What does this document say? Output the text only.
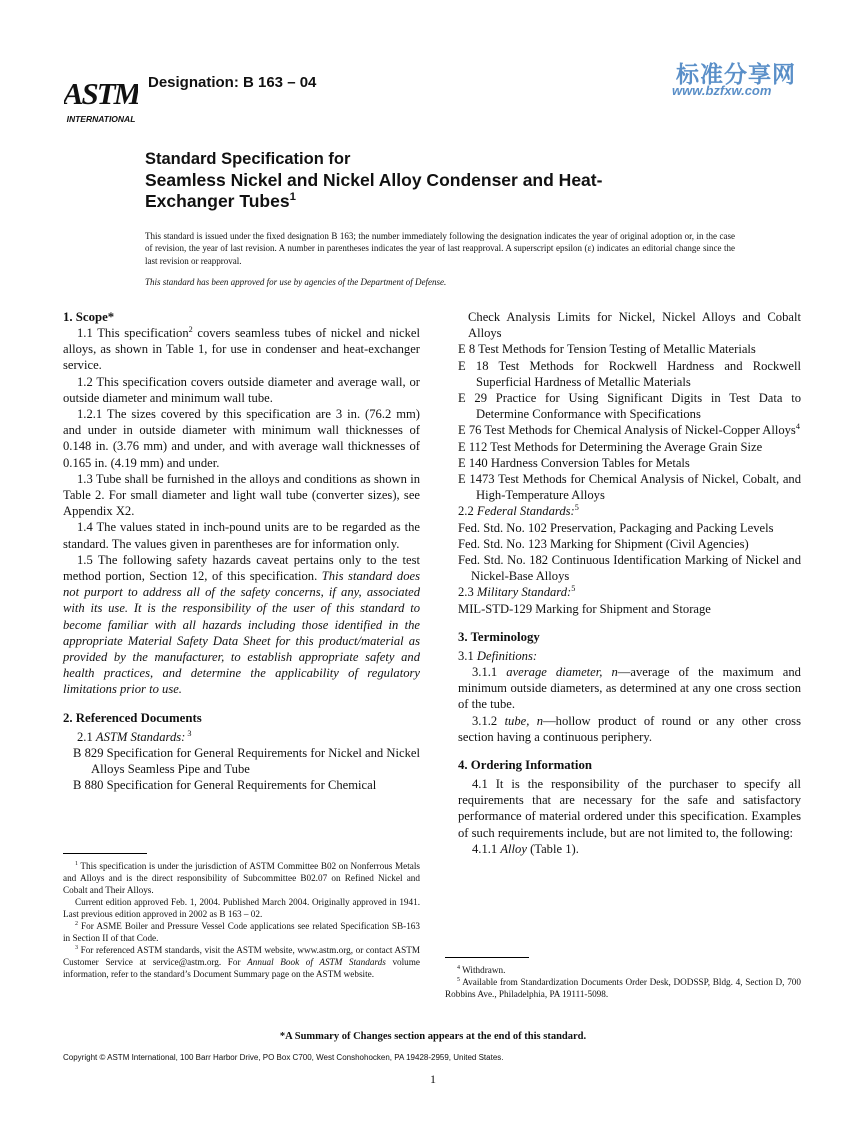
ASTM
INTERNATIONAL
Designation: B 163 – 04	标准分享网
www.bzfxw.com
Standard Specification for
Seamless Nickel and Nickel Alloy Condenser and Heat-
Exchanger Tubes$^1$
This standard is issued under the fixed designation B 163; the number immediately following the designation indicates the year of original adoption or, in the case of revision, the year of last revision. A number in parentheses indicates the year of last reapproval. A superscript epsilon (ε) indicates an editorial change since the last revision or reapproval.
This standard has been approved for use by agencies of the Department of Defense.
1. Scope*

1.1 This specification$^2$ covers seamless tubes of nickel and nickel alloys, as shown in Table 1, for use in condenser and heat-exchanger service.

1.2 This specification covers outside diameter and average wall, or outside diameter and minimum wall tube.

1.2.1 The sizes covered by this specification are 3 in. (76.2 mm) and under in outside diameter with minimum wall thicknesses of 0.148 in. (3.76 mm) and under, and with average wall thicknesses of 0.165 in. (4.19 mm) and under.

1.3 Tube shall be furnished in the alloys and conditions as shown in Table 2. For small diameter and light wall tube (converter sizes), see Appendix X2.

1.4 The values stated in inch-pound units are to be regarded as the standard. The values given in parentheses are for information only.

1.5 The following safety hazards caveat pertains only to the test method portion, Section 12, of this specification. This standard does not purport to address all of the safety concerns, if any, associated with its use. It is the responsibility of the user of this standard to become familiar with all hazards including those identified in the appropriate Material Safety Data Sheet for this product/material as provided by the manufacturer, to establish appropriate safety and health practices, and determine the applicability of regulatory limitations prior to use.

2. Referenced Documents

2.1 ASTM Standards: $^3$

B 829 Specification for General Requirements for Nickel and Nickel Alloys Seamless Pipe and Tube

B 880 Specification for General Requirements for Chemical

Check Analysis Limits for Nickel, Nickel Alloys and Cobalt Alloys

E 8 Test Methods for Tension Testing of Metallic Materials

E 18 Test Methods for Rockwell Hardness and Rockwell Superficial Hardness of Metallic Materials

E 29 Practice for Using Significant Digits in Test Data to Determine Conformance with Specifications

E 76 Test Methods for Chemical Analysis of Nickel-Copper Alloys$^4$

E 112 Test Methods for Determining the Average Grain Size

E 140 Hardness Conversion Tables for Metals

E 1473 Test Methods for Chemical Analysis of Nickel, Cobalt, and High-Temperature Alloys

2.2 Federal Standards:$^5$

Fed. Std. No. 102 Preservation, Packaging and Packing Levels

Fed. Std. No. 123 Marking for Shipment (Civil Agencies)

Fed. Std. No. 182 Continuous Identification Marking of Nickel and Nickel-Base Alloys

2.3 Military Standard:$^5$

MIL-STD-129 Marking for Shipment and Storage

3. Terminology

3.1 Definitions:

3.1.1 average diameter, n—average of the maximum and minimum outside diameters, as determined at any one cross section of the tube.

3.1.2 tube, n—hollow product of round or any other cross section having a continuous periphery.

4. Ordering Information

4.1 It is the responsibility of the purchaser to specify all requirements that are necessary for the safe and satisfactory performance of material ordered under this specification. Examples of such requirements include, but are not limited to, the following:

4.1.1 Alloy (Table 1).

$^1$ This specification is under the jurisdiction of ASTM Committee B02 on Nonferrous Metals and Alloys and is the direct responsibility of Subcommittee B02.07 on Refined Nickel and Cobalt and Their Alloys.

Current edition approved Feb. 1, 2004. Published March 2004. Originally approved in 1941. Last previous edition approved in 2002 as B 163 – 02.

$^2$ For ASME Boiler and Pressure Vessel Code applications see related Specification SB-163 in Section II of that Code.

$^3$ For referenced ASTM standards, visit the ASTM website, www.astm.org, or contact ASTM Customer Service at service@astm.org. For Annual Book of ASTM Standards volume information, refer to the standard’s Document Summary page on the ASTM website.

$^4$ Withdrawn.

$^5$ Available from Standardization Documents Order Desk, DODSSP, Bldg. 4, Section D, 700 Robbins Ave., Philadelphia, PA 19111-5098.

*A Summary of Changes section appears at the end of this standard.
Copyright © ASTM International, 100 Barr Harbor Drive, PO Box C700, West Conshohocken, PA 19428-2959, United States.
1
